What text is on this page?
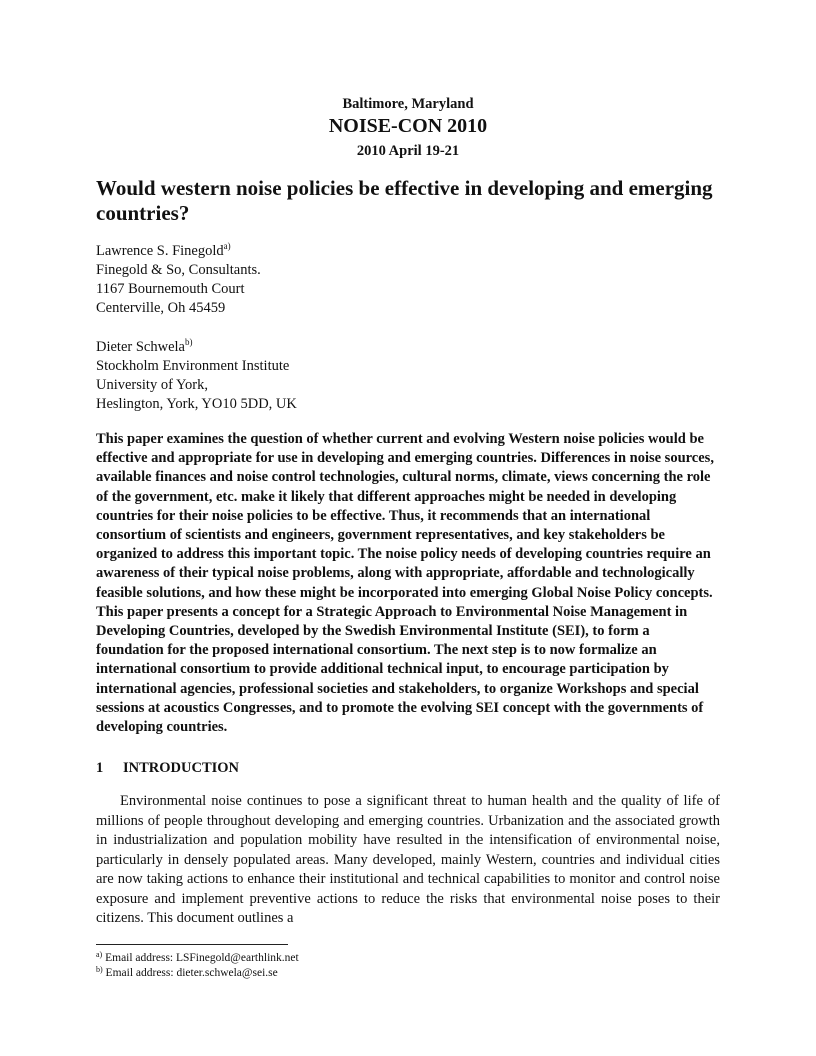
Baltimore, Maryland
NOISE-CON 2010
2010 April 19-21
Would western noise policies be effective in developing and emerging countries?
Lawrence S. Finegold$^{a)}$
Finegold & So, Consultants.
1167 Bournemouth Court
Centerville, Oh 45459
Dieter Schwela$^{b)}$
Stockholm Environment Institute
University of York,
Heslington, York, YO10 5DD, UK

This paper examines the question of whether current and evolving Western noise policies would be effective and appropriate for use in developing and emerging countries. Differences in noise sources, available finances and noise control technologies, cultural norms, climate, views concerning the role of the government, etc. make it likely that different approaches might be needed in developing countries for their noise policies to be effective. Thus, it recommends that an international consortium of scientists and engineers, government representatives, and key stakeholders be organized to address this important topic. The noise policy needs of developing countries require an awareness of their typical noise problems, along with appropriate, affordable and technologically feasible solutions, and how these might be incorporated into emerging Global Noise Policy concepts. This paper presents a concept for a Strategic Approach to Environmental Noise Management in Developing Countries, developed by the Swedish Environmental Institute (SEI), to form a foundation for the proposed international consortium. The next step is to now formalize an international consortium to provide additional technical input, to encourage participation by international agencies, professional societies and stakeholders, to organize Workshops and special sessions at acoustics Congresses, and to promote the evolving SEI concept with the governments of developing countries.

1 INTRODUCTION

Environmental noise continues to pose a significant threat to human health and the quality of life of millions of people throughout developing and emerging countries. Urbanization and the associated growth in industrialization and population mobility have resulted in the intensification of environmental noise, particularly in densely populated areas. Many developed, mainly Western, countries and individual cities are now taking actions to enhance their institutional and technical capabilities to monitor and control noise exposure and implement preventive actions to reduce the risks that environmental noise poses to their citizens. This document outlines a

$^{a)}$ Email address: LSFinegold@earthlink.net
$^{b)}$ Email address: dieter.schwela@sei.se
